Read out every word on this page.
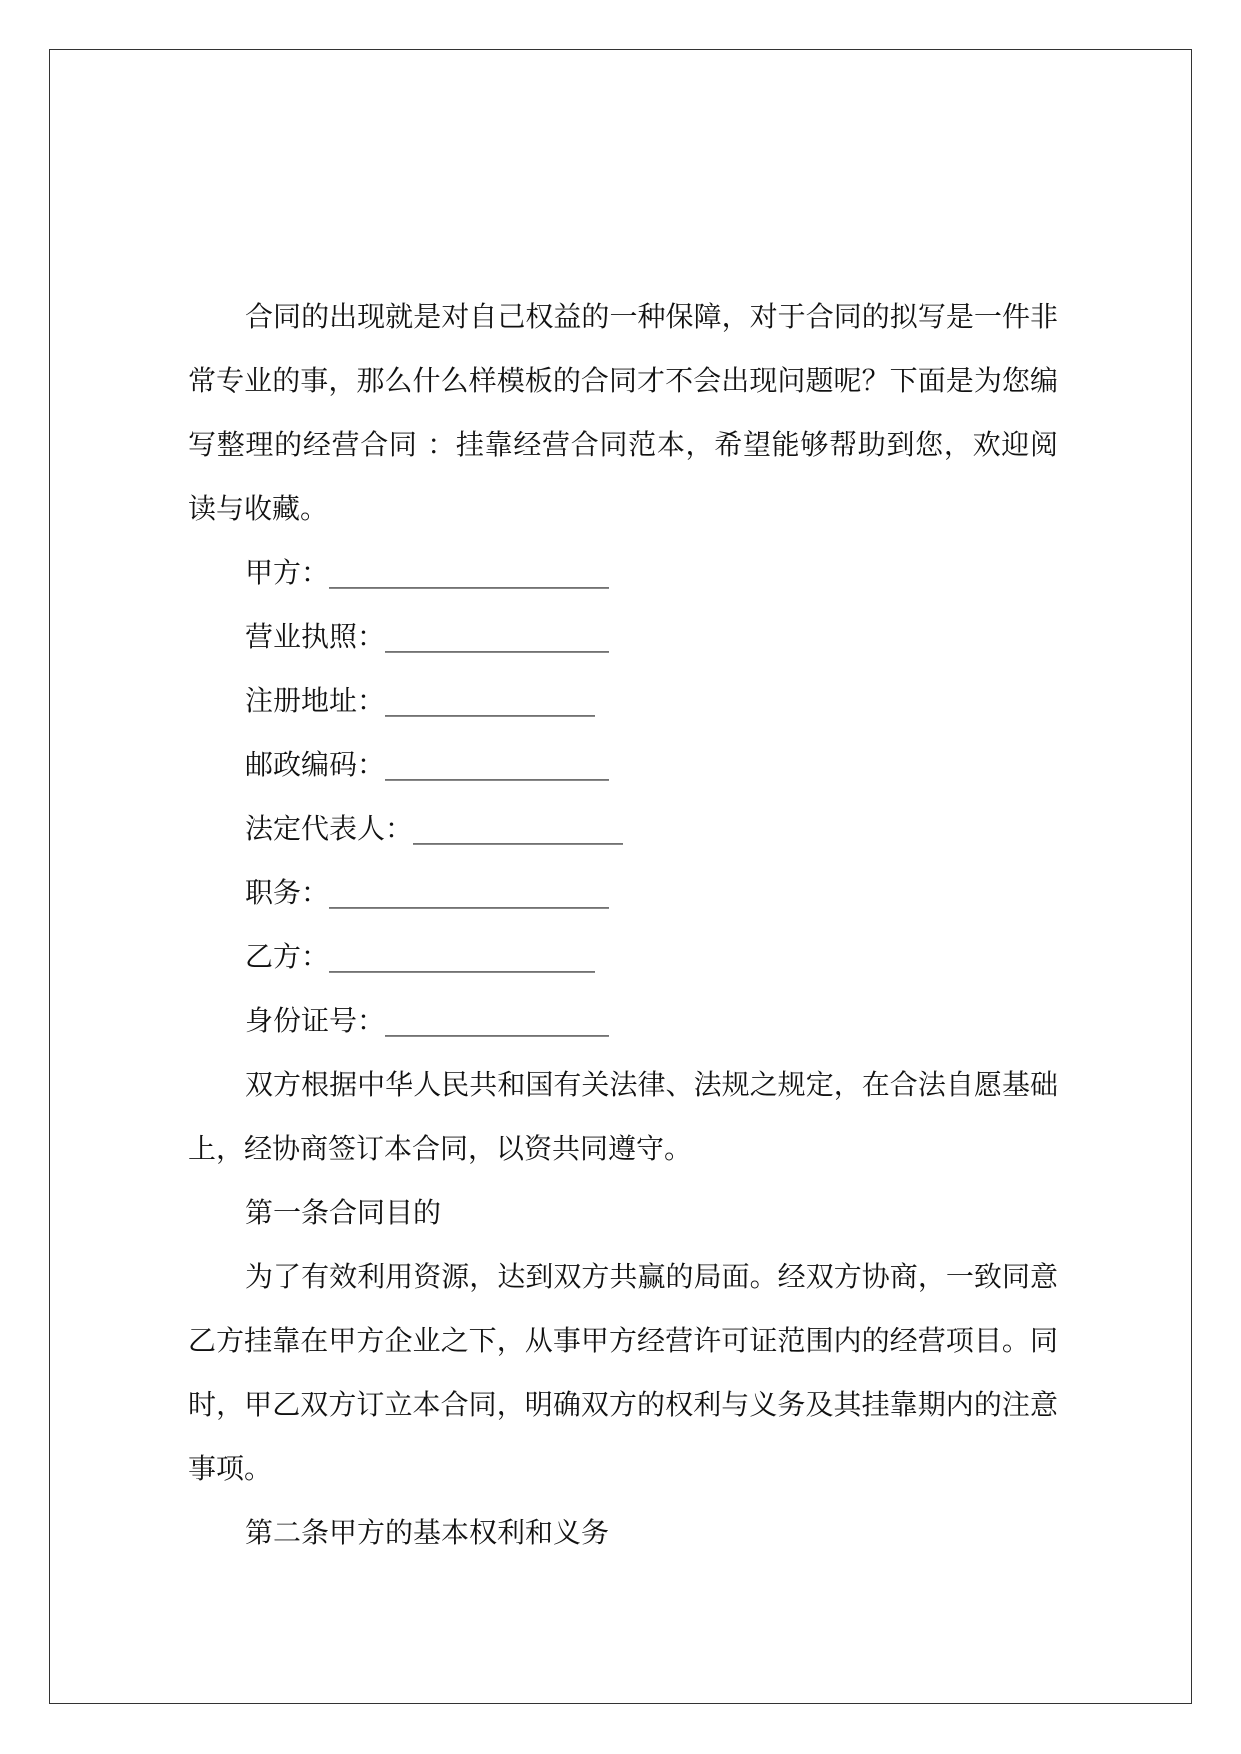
合同的出现就是对自己权益的一种保障，对于合同的拟写是一件非常专业的事，那么什么样模板的合同才不会出现问题呢？下面是为您编写整理的经营合同 ：挂靠经营合同范本，希望能够帮助到您，欢迎阅读与收藏。

甲方：____________________

营业执照：________________

注册地址：_______________

邮政编码：________________

法定代表人：_______________

职务：____________________

乙方：___________________

身份证号：________________

双方根据中华人民共和国有关法律、法规之规定，在合法自愿基础上，经协商签订本合同，以资共同遵守。

第一条合同目的

为了有效利用资源，达到双方共赢的局面。经双方协商，一致同意乙方挂靠在甲方企业之下，从事甲方经营许可证范围内的经营项目。同时，甲乙双方订立本合同，明确双方的权利与义务及其挂靠期内的注意事项。

第二条甲方的基本权利和义务
